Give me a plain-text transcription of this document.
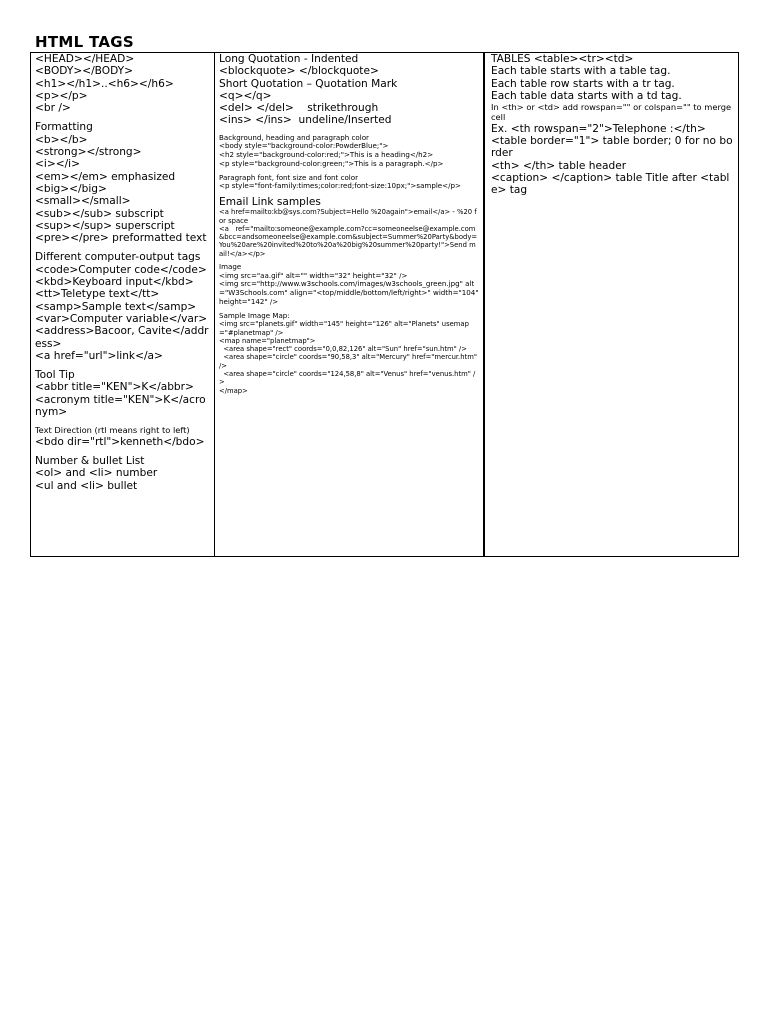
HTML TAGS
<HEAD></HEAD>
<BODY></BODY>
<h1></h1>..<h6></h6>
<p></p>
<br />
Formatting
<b></b>
<strong></strong>
<i></i>
<em></em> emphasized
<big></big>
<small></small>
<sub></sub> subscript
<sup></sup> superscript
<pre></pre> preformatted text
Different computer-output tags
<code>Computer code</code>
<kbd>Keyboard input</kbd>
<tt>Teletype text</tt>
<samp>Sample text</samp>
<var>Computer variable</var>
<address>Bacoor, Cavite</address>
<a href="url">link</a>
Tool Tip
<abbr title="KEN">K</abbr>
<acronym title="KEN">K</acronym>
Text Direction (rtl means right to left)
<bdo dir="rtl">kenneth</bdo>
Number & bullet List
<ol> and <li> number
<ul and <li> bullet
Long Quotation - Indented
<blockquote> </blockquote>
Short Quotation – Quotation Mark
<q></q>
<del> </del>    strikethrough
<ins> </ins>  undeline/Inserted
Background, heading and paragraph color
<body style="background-color:PowderBlue;">
<h2 style="background-color:red;">This is a heading</h2>
<p style="background-color:green;">This is a paragraph.</p>
Paragraph font, font size and font color
<p style="font-family:times;color:red;font-size:10px;">sample</p>
Email Link samples
<a href=mailto:kb@sys.com?Subject=Hello %20again">email</a> - %20 for space
<a   ref="mailto:someone@example.com?cc=someoneelse@example.com&bcc=andsomeoneelse@example.com&subject=Summer%20Party&body=You%20are%20invited%20to%20a%20big%20summer%20party!">Send mail!</a></p>
Image
<img src="aa.gif" alt="" width="32" height="32" />
<img src="http://www.w3schools.com/images/w3schools_green.jpg" alt="W3Schools.com" align="<top/middle/bottom/left/right>" width="104" height="142" />
Sample Image Map:
<img src="planets.gif" width="145" height="126" alt="Planets" usemap="#planetmap" />
<map name="planetmap">
<area shape="rect" coords="0,0,82,126" alt="Sun" href="sun.htm" />
<area shape="circle" coords="90,58,3" alt="Mercury" href="mercur.htm" />
<area shape="circle" coords="124,58,8" alt="Venus" href="venus.htm" />
</map>
TABLES <table><tr><td>
Each table starts with a table tag.
Each table row starts with a tr tag.
Each table data starts with a td tag.
In <th> or <td> add rowspan="" or colspan="" to merge cell
Ex. <th rowspan="2">Telephone :</th>
<table border="1"> table border; 0 for no border
<th> </th> table header
<caption> </caption> table Title after <table> tag
